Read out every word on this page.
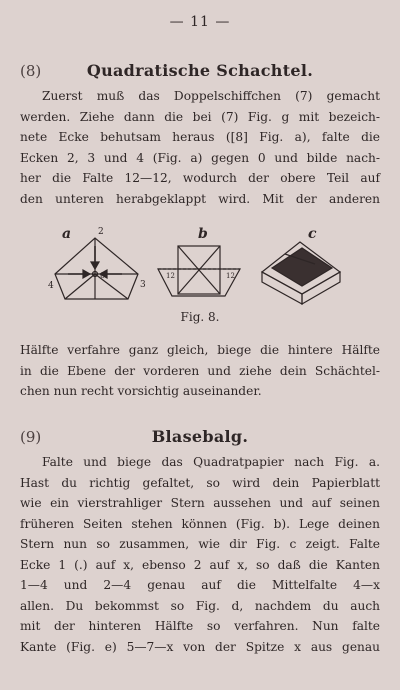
— 11 —
(8)	Quadratische Schachtel.
Zuerst muß das Doppelschiffchen (7) gemacht
werden. Ziehe dann die bei (7) Fig. g mit bezeich-
nete Ecke behutsam heraus ([8] Fig. a), falte die
Ecken 2, 3 und 4 (Fig. a) gegen 0 und bilde nach-
her die Falte 12—12, wodurch der obere Teil auf
den unteren herabgeklappt wird. Mit der anderen
a	b	c
2
0
3
4
12	12
Fig. 8.
Hälfte verfahre ganz gleich, biege die hintere Hälfte
in die Ebene der vorderen und ziehe dein Schächtel-
chen nun recht vorsichtig auseinander.
(9)	Blasebalg.
Falte und biege das Quadratpapier nach Fig. a.
Hast du richtig gefaltet, so wird dein Papierblatt
wie ein vierstrahliger Stern aussehen und auf seinen
früheren Seiten stehen können (Fig. b). Lege deinen
Stern nun so zusammen, wie dir Fig. c zeigt. Falte
Ecke 1 (.) auf x, ebenso 2 auf x, so daß die Kanten
1—4 und 2—4 genau auf die Mittelfalte 4—x
allen. Du bekommst so Fig. d, nachdem du auch
mit der hinteren Hälfte so verfahren. Nun falte
Kante (Fig. e) 5—7—x von der Spitze x aus genau
